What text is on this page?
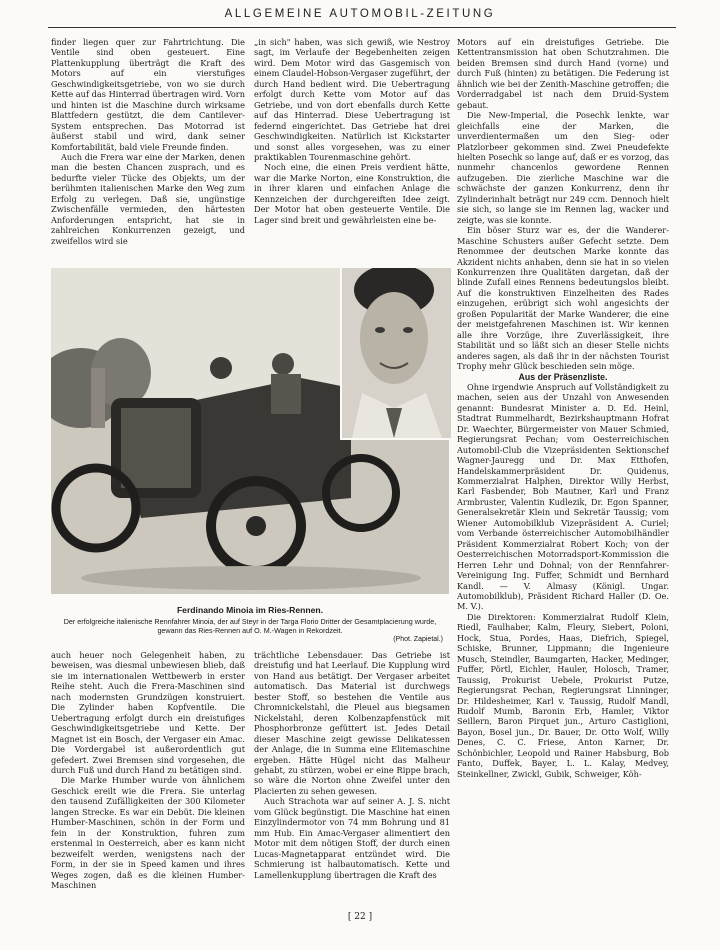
ALLGEMEINE AUTOMOBIL-ZEITUNG

finder liegen quer zur Fahrtrichtung. Die Ventile sind oben gesteuert. Eine Plattenkupplung überträgt die Kraft des Motors auf ein vierstufiges Geschwindigkeitsgetriebe, von wo sie durch Kette auf das Hinterrad übertragen wird. Vorn und hinten ist die Maschine durch wirksame Blattfedern gestützt, die dem Cantilever-System entsprechen. Das Motorrad ist äußerst stabil und wird, dank seiner Komfortabilität, bald viele Freunde finden.

Auch die Frera war eine der Marken, denen man die besten Chancen zusprach, und es bedurfte vieler Tücke des Objekts, um der berühmten italienischen Marke den Weg zum Erfolg zu verlegen. Daß sie, ungünstige Zwischenfälle vermieden, den härtesten Anforderungen entspricht, hat sie in zahlreichen Konkurrenzen gezeigt, und zweifellos wird sie

„in sich" haben, was sich gewiß, wie Nestroy sagt, im Verlaufe der Begebenheiten zeigen wird. Dem Motor wird das Gasgemisch von einem Claudel-Hobson-Vergaser zugeführt, der durch Hand bedient wird. Die Uebertragung erfolgt durch Kette vom Motor auf das Getriebe, und von dort ebenfalls durch Kette auf das Hinterrad. Diese Uebertragung ist federnd eingerichtet. Das Getriebe hat drei Geschwindigkeiten. Natürlich ist Kickstarter und sonst alles vorgesehen, was zu einer praktikablen Tourenmaschine gehört.

Noch eine, die einen Preis verdient hätte, war die Marke Norton, eine Konstruktion, die in ihrer klaren und einfachen Anlage die Kennzeichen der durchgereiften Idee zeigt. Der Motor hat oben gesteuerte Ventile. Die Lager sind breit und gewährleisten eine be-

Motors auf ein dreistufiges Getriebe. Die Kettentransmission hat oben Schutzrahmen. Die beiden Bremsen sind durch Hand (vorne) und durch Fuß (hinten) zu betätigen. Die Federung ist ähnlich wie bei der Zenith-Maschine getroffen; die Vorderradgabel ist nach dem Druid-System gebaut.

Die New-Imperial, die Posechk lenkte, war gleichfalls eine der Marken, die unverdientermaßen um den Sieg- oder Platzlorbeer gekommen sind. Zwei Pneudefekte hielten Posechk so lange auf, daß er es vorzog, das nunmehr chancenlos gewordene Rennen aufzugeben. Die zierliche Maschine war die schwächste der ganzen Konkurrenz, denn ihr Zylinderinhalt beträgt nur 249 ccm. Dennoch hielt sie sich, so lange sie im Rennen lag, wacker und zeigte, was sie konnte.

Ein böser Sturz war es, der die Wanderer-Maschine Schusters außer Gefecht setzte. Dem Renommee der deutschen Marke konnte das Akzident nichts anhaben, denn sie hat in so vielen Konkurrenzen ihre Qualitäten dargetan, daß der blinde Zufall eines Rennens bedeutungslos bleibt. Auf die konstruktiven Einzelheiten des Rades einzugehen, erübrigt sich wohl angesichts der großen Popularität der Marke Wanderer, die eine der meistgefahrenen Maschinen ist. Wir kennen alle ihre Vorzüge, ihre Zuverlässigkeit, ihre Stabilität und so läßt sich an dieser Stelle nichts anderes sagen, als daß ihr in der nächsten Tourist Trophy mehr Glück beschieden sein möge.

Aus der Präsenzliste.

Ohne irgendwie Anspruch auf Vollständigkeit zu machen, seien aus der Unzahl von Anwesenden genannt: Bundesrat Minister a. D. Ed. Heinl, Stadtrat Rummelhardt, Bezirkshauptmann Hofrat Dr. Waechter, Bürgermeister von Mauer Schmied, Regierungsrat Pechan; vom Oesterreichischen Automobil-Club die Vizepräsidenten Sektionschef Wagner-Jauregg und Dr. Max Etthofen, Handelskammerpräsident Dr. Quidenus, Kommerzialrat Halphen, Direktor Willy Herbst, Karl Fasbender, Bob Mautner, Karl und Franz Armbruster, Valentin Kudlezik, Dr. Egon Spanner, Generalsekretär Klein und Sekretär Taussig; vom Wiener Automobilklub Vizepräsident A. Curiel; vom Verbande österreichischer Automobilhändler Präsident Kommerzialrat Robert Koch; von der Oesterreichischen Motorradsport-Kommission die Herren Lehr und Dohnal; von der Rennfahrer-Vereinigung Ing. Fuffer, Schmidt und Bernhard Kandl. — V. Almasy (Königl. Ungar. Automobilklub), Präsident Richard Haller (D. Oe. M. V.).

Die Direktoren: Kommerzialrat Rudolf Klein, Riedl, Faulhaber, Kalm, Fleury, Siebert, Poloni, Hock, Stua, Pordes, Haas, Diefrich, Spiegel, Schiske, Brunner, Lippmann; die Ingenieure Musch, Steindler, Baumgarten, Hacker, Medinger, Fuffer, Pörtl, Eichler, Hauler, Holosch, Tramer, Taussig, Prokurist Uebele, Prokurist Putze, Regierungsrat Pechan, Regierungsrat Linninger, Dr. Hildesheimer, Karl v. Taussig, Rudolf Mandl, Rudolf Mumb, Baronin Erb, Hamler, Viktor Seillern, Baron Pirquet jun., Arturo Castiglioni, Bayon, Bosel jun., Dr. Bauer, Dr. Otto Wolf, Willy Denes, C. C. Friese, Anton Karner, Dr. Schönbichler, Leopold und Rainer Habsburg, Bob Fanto, Duffek, Bayer, L. L. Kalay, Medvey, Steinkellner, Zwickl, Gubik, Schweiger, Köh-

Ferdinando Minoia im Ries-Rennen.
Der erfolgreiche italienische Rennfahrer Minoia, der auf Steyr in der Targa Florio Dritter der Gesamtplacierung wurde, gewann das Ries-Rennen auf O. M.-Wagen in Rekordzeit.
(Phot. Zapietal.)

auch heuer noch Gelegenheit haben, zu beweisen, was diesmal unbewiesen blieb, daß sie im internationalen Wettbewerb in erster Reihe steht. Auch die Frera-Maschinen sind nach modernsten Grundzügen konstruiert. Die Zylinder haben Kopfventile. Die Uebertragung erfolgt durch ein dreistufiges Geschwindigkeitsgetriebe und Kette. Der Magnet ist ein Bosch, der Vergaser ein Amac. Die Vordergabel ist außerordentlich gut gefedert. Zwei Bremsen sind vorgesehen, die durch Fuß und durch Hand zu betätigen sind.

Die Marke Humber wurde von ähnlichem Geschick ereilt wie die Frera. Sie unterlag den tausend Zufälligkeiten der 300 Kilometer langen Strecke. Es war ein Debüt. Die kleinen Humber-Maschinen, schön in der Form und fein in der Konstruktion, fuhren zum erstenmal in Oesterreich, aber es kann nicht bezweifelt werden, wenigstens nach der Form, in der sie in Speed kamen und ihres Weges zogen, daß es die kleinen Humber-Maschinen

trächtliche Lebensdauer. Das Getriebe ist dreistufig und hat Leerlauf. Die Kupplung wird von Hand aus betätigt. Der Vergaser arbeitet automatisch. Das Material ist durchwegs bester Stoff, so bestehen die Ventile aus Chromnickelstahl, die Pleuel aus biegsamen Nickelstahl, deren Kolbenzapfenstück mit Phosphorbronze gefüttert ist. Jedes Detail dieser Maschine zeigt gewisse Delikatessen der Anlage, die in Summa eine Elitemaschine ergeben. Hätte Hügel nicht das Malheur gehabt, zu stürzen, wobei er eine Rippe brach, so wäre die Norton ohne Zweifel unter den Placierten zu sehen gewesen.

Auch Strachota war auf seiner A. J. S. nicht vom Glück begünstigt. Die Maschine hat einen Einzylindermotor von 74 mm Bohrung und 81 mm Hub. Ein Amac-Vergaser alimentiert den Motor mit dem nötigen Stoff, der durch einen Lucas-Magnetapparat entzündet wird. Die Schmierung ist halbautomatisch. Kette und Lamellenkupplung übertragen die Kraft des

[ 22 ]
